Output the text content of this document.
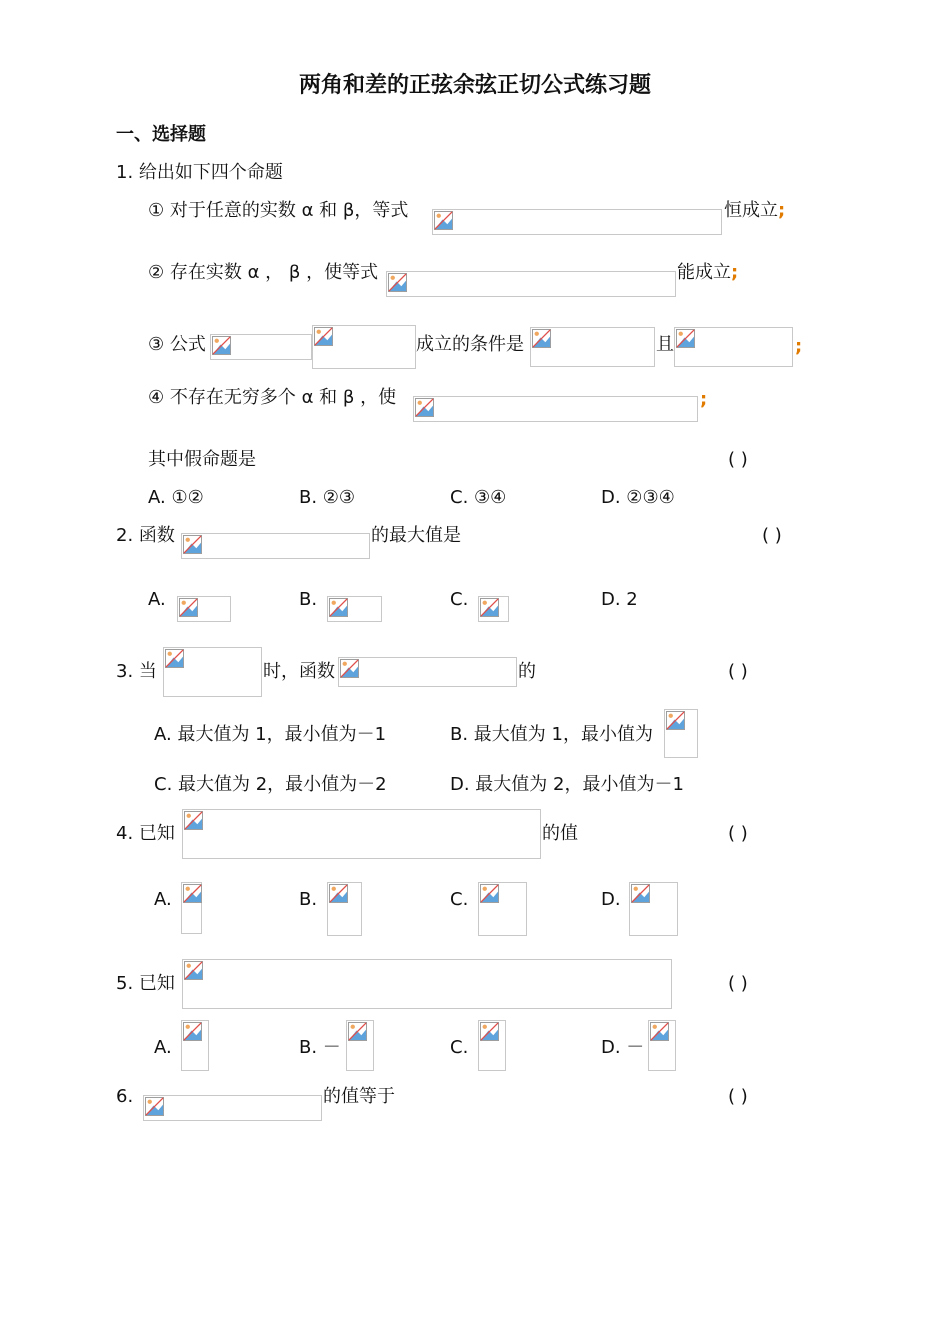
两角和差的正弦余弦正切公式练习题
一、选择题
1. 给出如下四个命题
① 对于任意的实数 α 和 β，等式	恒成立;
② 存在实数 α ， β ，使等式	能成立;
③ 公式	成立的条件是	且	;
④ 不存在无穷多个 α 和 β ，使	;
其中假命题是	( )
A. ①②	B. ②③	C. ③④	D. ②③④
2. 函数	的最大值是	( )
A.	B.	C.	D. 2
3. 当	时，函数	的	( )
A. 最大值为 1，最小值为－1	B. 最大值为 1，最小值为
C. 最大值为 2，最小值为－2	D. 最大值为 2，最小值为－1
4. 已知	的值	( )
A.	B.	C.	D.
5. 已知	( )
A.	B. －	C.	D. －
6.	的值等于	( )
